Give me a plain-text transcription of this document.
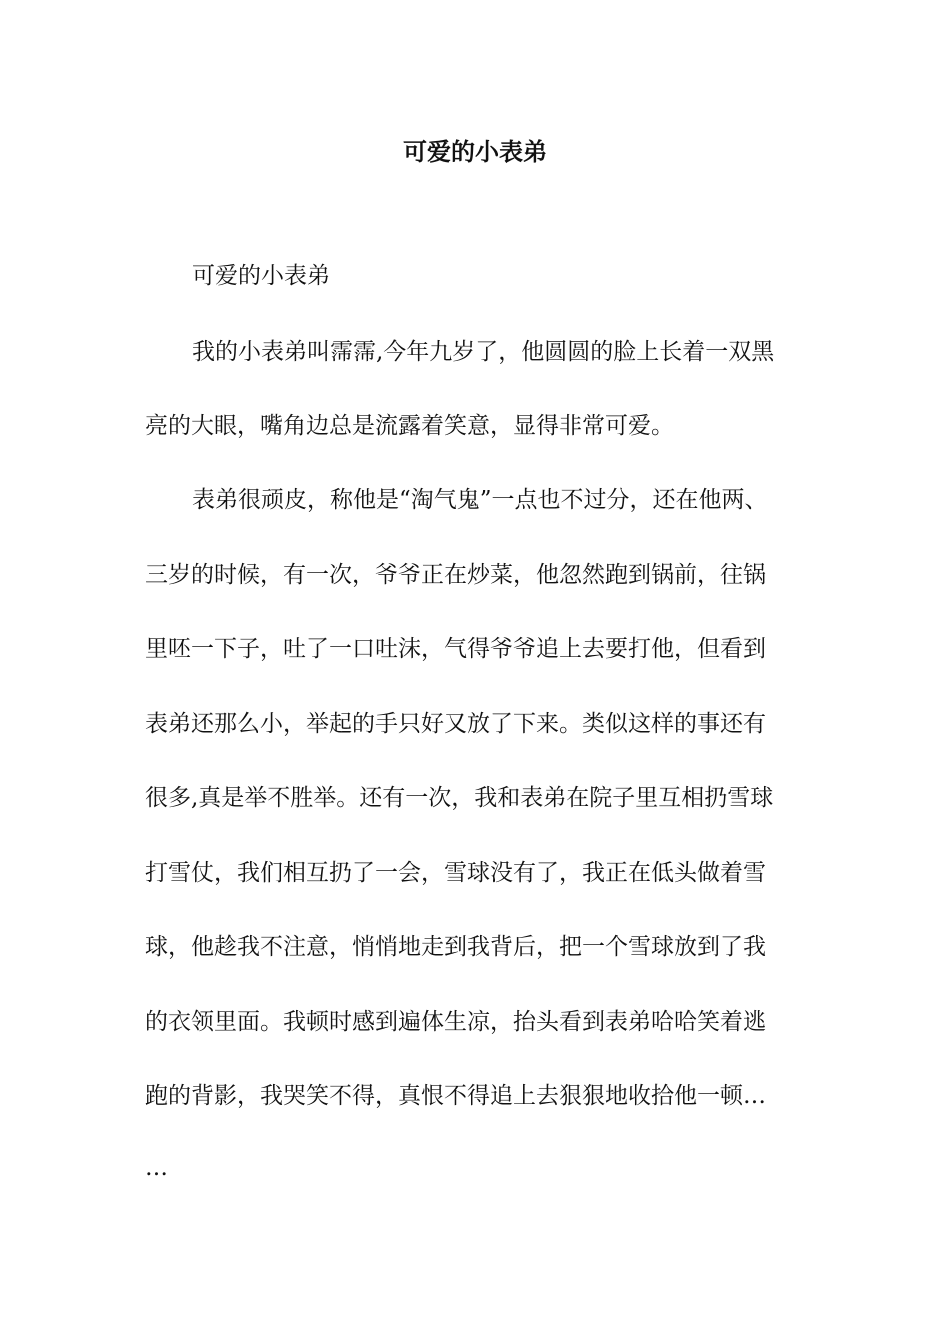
可爱的小表弟
可爱的小表弟
我的小表弟叫霈霈,今年九岁了，他圆圆的脸上长着一双黑
亮的大眼，嘴角边总是流露着笑意，显得非常可爱。
表弟很顽皮，称他是“淘气鬼”一点也不过分，还在他两、
三岁的时候，有一次，爷爷正在炒菜，他忽然跑到锅前，往锅
里呸一下子，吐了一口吐沫，气得爷爷追上去要打他，但看到
表弟还那么小，举起的手只好又放了下来。类似这样的事还有
很多,真是举不胜举。还有一次，我和表弟在院子里互相扔雪球
打雪仗，我们相互扔了一会，雪球没有了，我正在低头做着雪
球，他趁我不注意，悄悄地走到我背后，把一个雪球放到了我
的衣领里面。我顿时感到遍体生凉，抬头看到表弟哈哈笑着逃
跑的背影，我哭笑不得，真恨不得追上去狠狠地收拾他一顿…
…
